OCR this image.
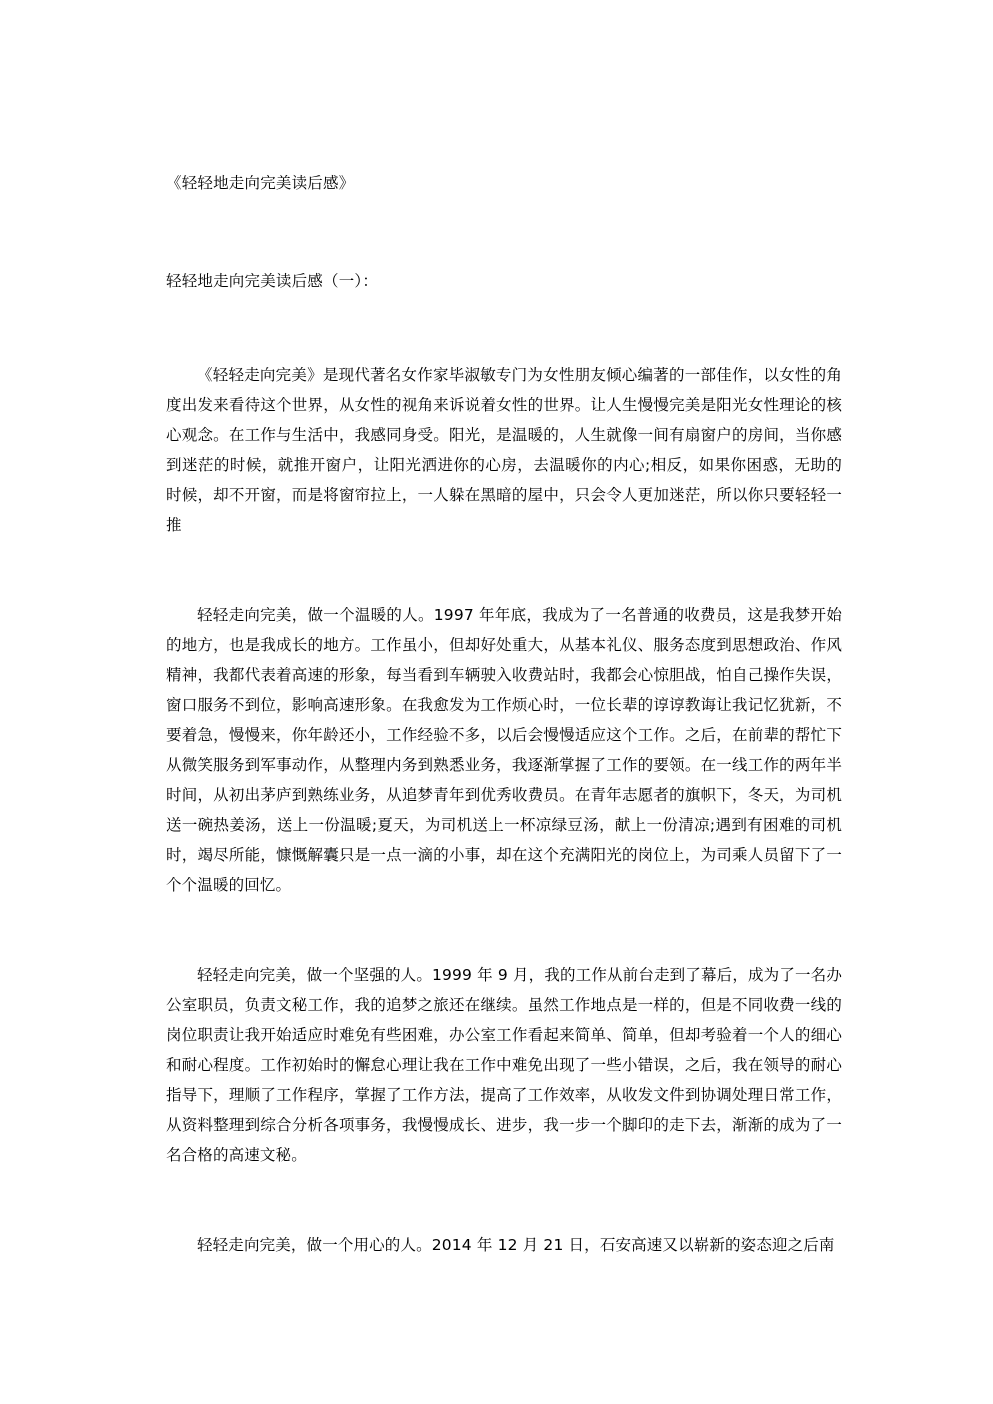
《轻轻地走向完美读后感》

轻轻地走向完美读后感（一）：

《轻轻走向完美》是现代著名女作家毕淑敏专门为女性朋友倾心编著的一部佳作，以女性的角度出发来看待这个世界，从女性的视角来诉说着女性的世界。让人生慢慢完美是阳光女性理论的核心观念。在工作与生活中，我感同身受。阳光，是温暖的，人生就像一间有扇窗户的房间，当你感到迷茫的时候，就推开窗户，让阳光洒进你的心房，去温暖你的内心;相反，如果你困惑，无助的时候，却不开窗，而是将窗帘拉上，一人躲在黑暗的屋中，只会令人更加迷茫，所以你只要轻轻一推

轻轻走向完美，做一个温暖的人。1997 年年底，我成为了一名普通的收费员，这是我梦开始的地方，也是我成长的地方。工作虽小，但却好处重大，从基本礼仪、服务态度到思想政治、作风精神，我都代表着高速的形象，每当看到车辆驶入收费站时，我都会心惊胆战，怕自己操作失误，窗口服务不到位，影响高速形象。在我愈发为工作烦心时，一位长辈的谆谆教诲让我记忆犹新，不要着急，慢慢来，你年龄还小，工作经验不多，以后会慢慢适应这个工作。之后，在前辈的帮忙下从微笑服务到军事动作，从整理内务到熟悉业务，我逐渐掌握了工作的要领。在一线工作的两年半时间，从初出茅庐到熟练业务，从追梦青年到优秀收费员。在青年志愿者的旗帜下，冬天，为司机送一碗热姜汤，送上一份温暖;夏天，为司机送上一杯凉绿豆汤，献上一份清凉;遇到有困难的司机时，竭尽所能，慷慨解囊只是一点一滴的小事，却在这个充满阳光的岗位上，为司乘人员留下了一个个温暖的回忆。

轻轻走向完美，做一个坚强的人。1999 年 9 月，我的工作从前台走到了幕后，成为了一名办公室职员，负责文秘工作，我的追梦之旅还在继续。虽然工作地点是一样的，但是不同收费一线的岗位职责让我开始适应时难免有些困难，办公室工作看起来简单、简单，但却考验着一个人的细心和耐心程度。工作初始时的懈怠心理让我在工作中难免出现了一些小错误，之后，我在领导的耐心指导下，理顺了工作程序，掌握了工作方法，提高了工作效率，从收发文件到协调处理日常工作，从资料整理到综合分析各项事务，我慢慢成长、进步，我一步一个脚印的走下去，渐渐的成为了一名合格的高速文秘。

轻轻走向完美，做一个用心的人。2014 年 12 月 21 日，石安高速又以崭新的姿态迎之后南
